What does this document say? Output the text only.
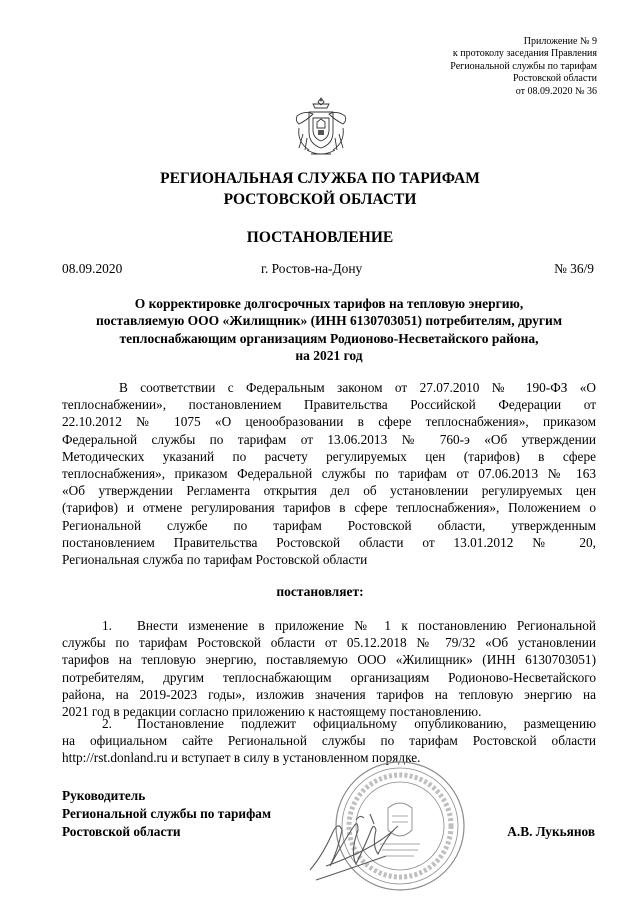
Приложение № 9
к протоколу заседания Правления
Региональной службы по тарифам
Ростовской области
от 08.09.2020 № 36
РЕГИОНАЛЬНАЯ СЛУЖБА ПО ТАРИФАМ
РОСТОВСКОЙ ОБЛАСТИ
ПОСТАНОВЛЕНИЕ
08.09.2020	г. Ростов-на-Дону	№ 36/9
О корректировке долгосрочных тарифов на тепловую энергию,
поставляемую ООО «Жилищник» (ИНН 6130703051) потребителям, другим
теплоснабжающим организациям Родионово-Несветайского района,
на 2021 год
В соответствии с Федеральным законом от 27.07.2010 № 190-ФЗ «О
теплоснабжении», постановлением Правительства Российской Федерации от
22.10.2012 № 1075 «О ценообразовании в сфере теплоснабжения», приказом
Федеральной службы по тарифам от 13.06.2013 № 760-э «Об утверждении
Методических указаний по расчету регулируемых цен (тарифов) в сфере
теплоснабжения», приказом Федеральной службы по тарифам от 07.06.2013 № 163
«Об утверждении Регламента открытия дел об установлении регулируемых цен
(тарифов) и отмене регулирования тарифов в сфере теплоснабжения», Положением о
Региональной службе по тарифам Ростовской области, утвержденным
постановлением Правительства Ростовской области от 13.01.2012 № 20,
Региональная служба по тарифам Ростовской области
постановляет:
1. Внести изменение в приложение № 1 к постановлению Региональной
службы по тарифам Ростовской области от 05.12.2018 № 79/32 «Об установлении
тарифов на тепловую энергию, поставляемую ООО «Жилищник» (ИНН 6130703051)
потребителям, другим теплоснабжающим организациям Родионово-Несветайского
района, на 2019-2023 годы», изложив значения тарифов на тепловую энергию на
2021 год в редакции согласно приложению к настоящему постановлению.
2. Постановление подлежит официальному опубликованию, размещению
на официальном сайте Региональной службы по тарифам Ростовской области
http://rst.donland.ru и вступает в силу в установленном порядке.
Руководитель
Региональной службы по тарифам
Ростовской области	А.В. Лукьянов
